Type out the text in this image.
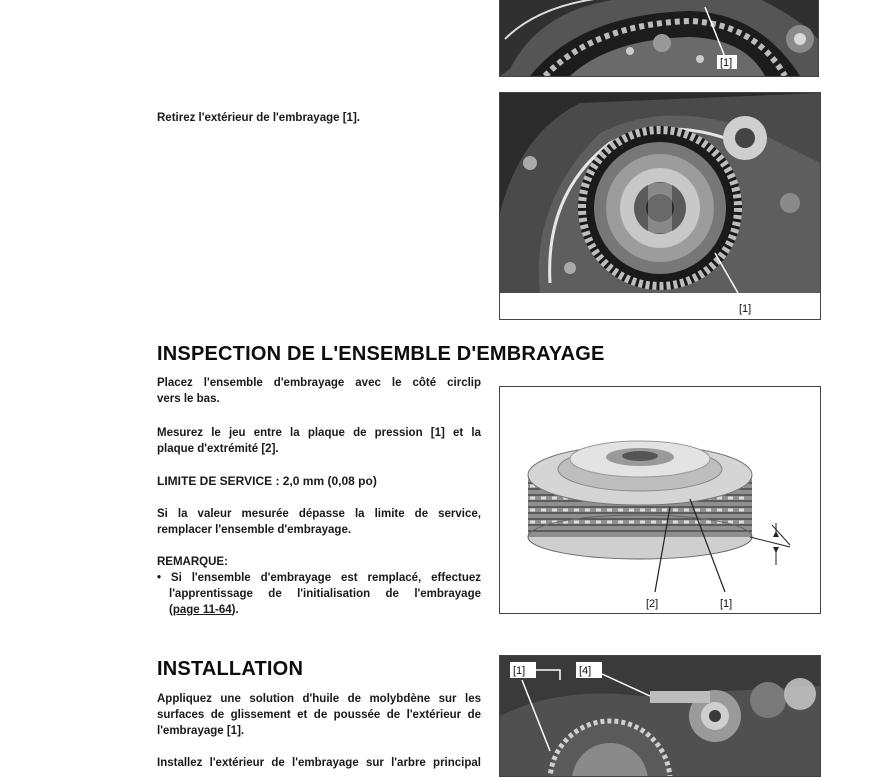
[1]
Retirez l'extérieur de l'embrayage [1].
[1]
INSPECTION DE L'ENSEMBLE D'EMBRAYAGE
Placez l'ensemble d'embrayage avec le côté circlip
vers le bas.
Mesurez le jeu entre la plaque de pression [1] et la
plaque d'extrémité [2].
LIMITE DE SERVICE : 2,0 mm (0,08 po)
Si la valeur mesurée dépasse la limite de service,
remplacer l'ensemble d'embrayage.
REMARQUE:
• Si l'ensemble d'embrayage est remplacé, effectuez
l'apprentissage de l'initialisation de l'embrayage
(page 11-64).	[2]	[1]
INSTALLATION
Appliquez une solution d'huile de molybdène sur les
surfaces de glissement et de poussée de l'extérieur de
l'embrayage [1].
Installez l'extérieur de l'embrayage sur l'arbre principal
[1]	[4]
